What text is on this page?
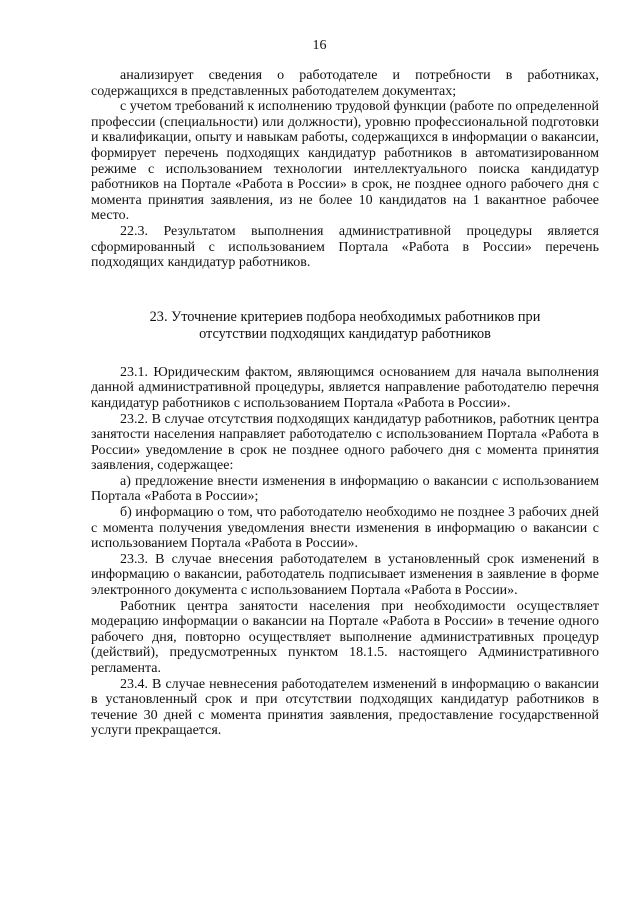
16

анализирует сведения о работодателе и потребности в работниках, содержащихся в представленных работодателем документах;

с учетом требований к исполнению трудовой функции (работе по определенной профессии (специальности) или должности), уровню профессиональной подготовки и квалификации, опыту и навыкам работы, содержащихся в информации о вакансии, формирует перечень подходящих кандидатур работников в автоматизированном режиме с использованием технологии интеллектуального поиска кандидатур работников на Портале «Работа в России» в срок, не позднее одного рабочего дня с момента принятия заявления, из не более 10 кандидатов на 1 вакантное рабочее место.

22.3. Результатом выполнения административной процедуры является сформированный с использованием Портала «Работа в России» перечень подходящих кандидатур работников.

23. Уточнение критериев подбора необходимых работников при отсутствии подходящих кандидатур работников

23.1. Юридическим фактом, являющимся основанием для начала выполнения данной административной процедуры, является направление работодателю перечня кандидатур работников с использованием Портала «Работа в России».

23.2. В случае отсутствия подходящих кандидатур работников, работник центра занятости населения направляет работодателю с использованием Портала «Работа в России» уведомление в срок не позднее одного рабочего дня с момента принятия заявления, содержащее:

а) предложение внести изменения в информацию о вакансии с использованием Портала «Работа в России»;

б) информацию о том, что работодателю необходимо не позднее 3 рабочих дней с момента получения уведомления внести изменения в информацию о вакансии с использованием Портала «Работа в России».

23.3. В случае внесения работодателем в установленный срок изменений в информацию о вакансии, работодатель подписывает изменения в заявление в форме электронного документа с использованием Портала «Работа в России».

Работник центра занятости населения при необходимости осуществляет модерацию информации о вакансии на Портале «Работа в России» в течение одного рабочего дня, повторно осуществляет выполнение административных процедур (действий), предусмотренных пунктом 18.1.5. настоящего Административного регламента.

23.4. В случае невнесения работодателем изменений в информацию о вакансии в установленный срок и при отсутствии подходящих кандидатур работников в течение 30 дней с момента принятия заявления, предоставление государственной услуги прекращается.
